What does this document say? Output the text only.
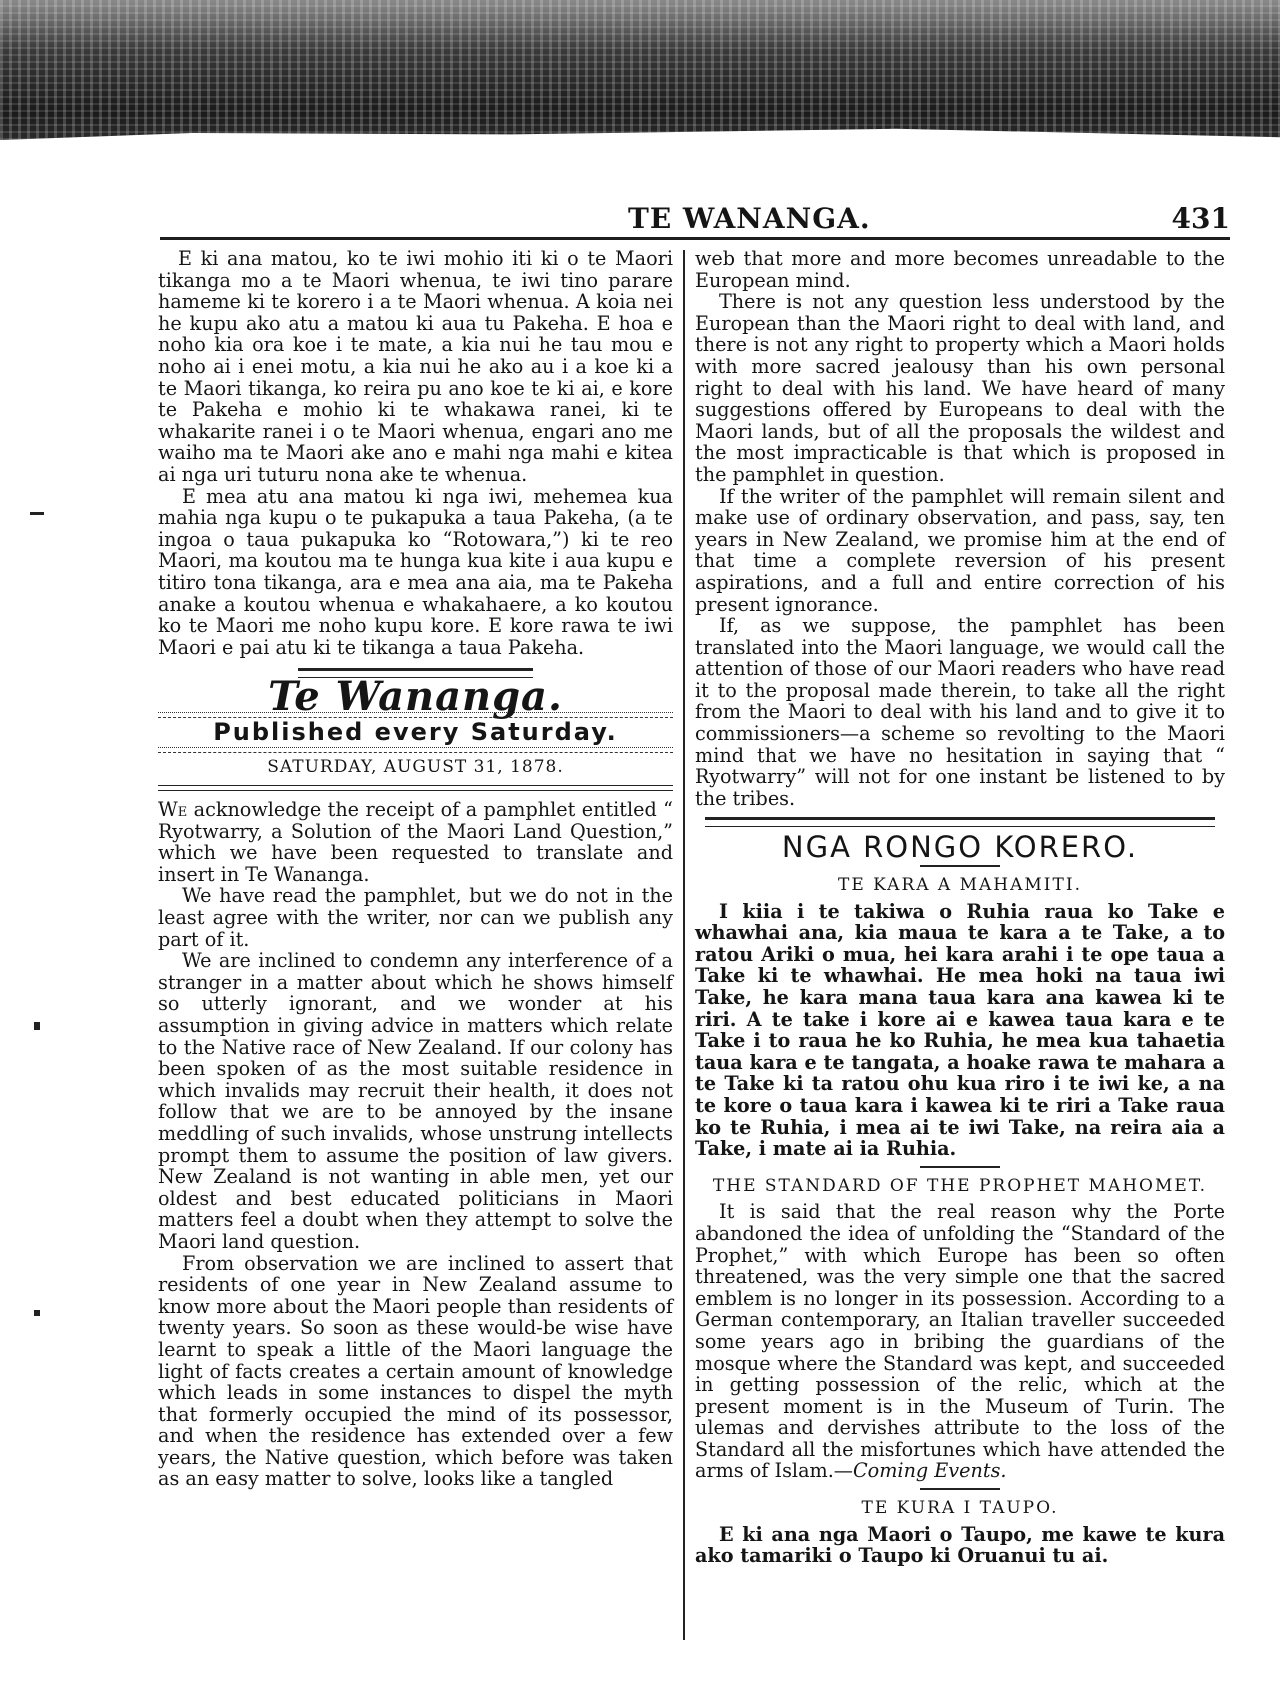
TE WANANGA.	431

E ki ana matou, ko te iwi mohio iti ki o te Maori tikanga mo a te Maori whenua, te iwi tino parare hameme ki te korero i a te Maori whenua. A koia nei he kupu ako atu a matou ki aua tu Pakeha. E hoa e noho kia ora koe i te mate, a kia nui he tau mou e noho ai i enei motu, a kia nui he ako au i a koe ki a te Maori tikanga, ko reira pu ano koe te ki ai, e kore te Pakeha e mohio ki te whakawa ranei, ki te whakarite ranei i o te Maori whenua, engari ano me waiho ma te Maori ake ano e mahi nga mahi e kitea ai nga uri tuturu nona ake te whenua.

E mea atu ana matou ki nga iwi, mehemea kua mahia nga kupu o te pukapuka a taua Pakeha, (a te ingoa o taua pukapuka ko “Rotowara,”) ki te reo Maori, ma koutou ma te hunga kua kite i aua kupu e titiro tona tikanga, ara e mea ana aia, ma te Pakeha anake a koutou whenua e whakahaere, a ko koutou ko te Maori me noho kupu kore. E kore rawa te iwi Maori e pai atu ki te tikanga a taua Pakeha.

Te Wananga.
Published every Saturday.
SATURDAY, AUGUST 31, 1878.

We acknowledge the receipt of a pamphlet entitled “ Ryotwarry, a Solution of the Maori Land Question,” which we have been requested to translate and insert in Te Wananga.

We have read the pamphlet, but we do not in the least agree with the writer, nor can we publish any part of it.

We are inclined to condemn any interference of a stranger in a matter about which he shows himself so utterly ignorant, and we wonder at his assumption in giving advice in matters which relate to the Native race of New Zealand. If our colony has been spoken of as the most suitable residence in which invalids may recruit their health, it does not follow that we are to be annoyed by the insane meddling of such invalids, whose unstrung intellects prompt them to assume the position of law givers. New Zealand is not wanting in able men, yet our oldest and best educated politicians in Maori matters feel a doubt when they attempt to solve the Maori land question.

From observation we are inclined to assert that residents of one year in New Zealand assume to know more about the Maori people than residents of twenty years. So soon as these would-be wise have learnt to speak a little of the Maori language the light of facts creates a certain amount of knowledge which leads in some instances to dispel the myth that formerly occupied the mind of its possessor, and when the residence has extended over a few years, the Native question, which before was taken as an easy matter to solve, looks like a tangled

web that more and more becomes unreadable to the European mind.

There is not any question less understood by the European than the Maori right to deal with land, and there is not any right to property which a Maori holds with more sacred jealousy than his own personal right to deal with his land. We have heard of many suggestions offered by Europeans to deal with the Maori lands, but of all the proposals the wildest and the most impracticable is that which is proposed in the pamphlet in question.

If the writer of the pamphlet will remain silent and make use of ordinary observation, and pass, say, ten years in New Zealand, we promise him at the end of that time a complete reversion of his present aspirations, and a full and entire correction of his present ignorance.

If, as we suppose, the pamphlet has been translated into the Maori language, we would call the attention of those of our Maori readers who have read it to the proposal made therein, to take all the right from the Maori to deal with his land and to give it to commissioners—a scheme so revolting to the Maori mind that we have no hesitation in saying that “ Ryotwarry” will not for one instant be listened to by the tribes.

NGA RONGO KORERO.
TE KARA A MAHAMITI.

I kiia i te takiwa o Ruhia raua ko Take e whawhai ana, kia maua te kara a te Take, a to ratou Ariki o mua, hei kara arahi i te ope taua a Take ki te whawhai. He mea hoki na taua iwi Take, he kara mana taua kara ana kawea ki te riri. A te take i kore ai e kawea taua kara e te Take i to raua he ko Ruhia, he mea kua tahaetia taua kara e te tangata, a hoake rawa te mahara a te Take ki ta ratou ohu kua riro i te iwi ke, a na te kore o taua kara i kawea ki te riri a Take raua ko te Ruhia, i mea ai te iwi Take, na reira aia a Take, i mate ai ia Ruhia.

THE STANDARD OF THE PROPHET MAHOMET.

It is said that the real reason why the Porte abandoned the idea of unfolding the “Standard of the Prophet,” with which Europe has been so often threatened, was the very simple one that the sacred emblem is no longer in its possession. According to a German contemporary, an Italian traveller succeeded some years ago in bribing the guardians of the mosque where the Standard was kept, and succeeded in getting possession of the relic, which at the present moment is in the Museum of Turin. The ulemas and dervishes attribute to the loss of the Standard all the misfortunes which have attended the arms of Islam.—Coming Events.

TE KURA I TAUPO.

E ki ana nga Maori o Taupo, me kawe te kura ako tamariki o Taupo ki Oruanui tu ai.
